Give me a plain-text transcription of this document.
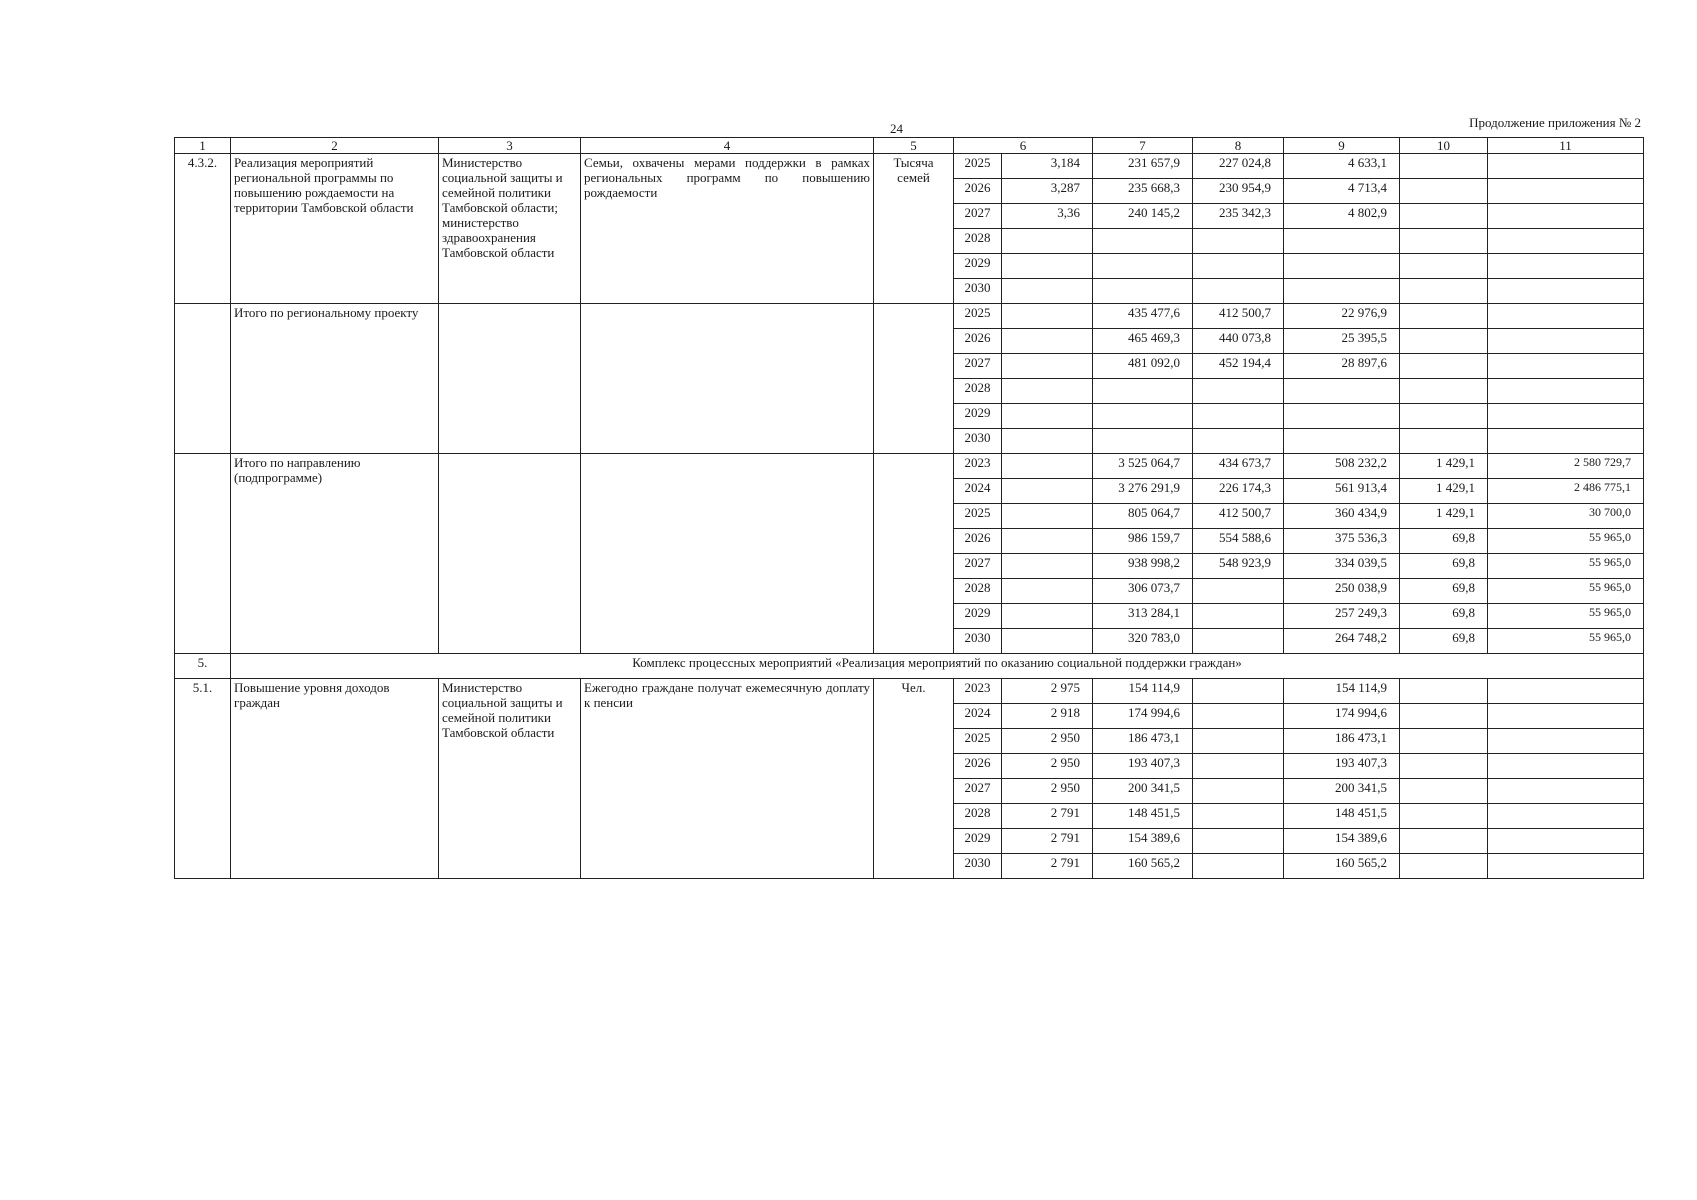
24	Продолжение приложения № 2
1	2	3	4	5	6		7	8	9	10	11
4.3.2.	Реализация мероприятий региональной программы по повышению рождаемости на территории Тамбовской области	Министерство социальной защиты и семейной политики Тамбовской области; министерство здравоохранения Тамбовской области	Семьи, охвачены мерами поддержки в рамках региональных программ по повышению рождаемости	Тысяча семей	2025	3,184	231 657,9	227 024,8	4 633,1		
					2026	3,287	235 668,3	230 954,9	4 713,4		
					2027	3,36	240 145,2	235 342,3	4 802,9		
					2028						
					2029						
					2030						
	Итого по региональному проекту				2025		435 477,6	412 500,7	22 976,9		
					2026		465 469,3	440 073,8	25 395,5		
					2027		481 092,0	452 194,4	28 897,6		
					2028						
					2029						
					2030						
	Итого по направлению (подпрограмме)				2023		3 525 064,7	434 673,7	508 232,2	1 429,1	2 580 729,7
					2024		3 276 291,9	226 174,3	561 913,4	1 429,1	2 486 775,1
					2025		805 064,7	412 500,7	360 434,9	1 429,1	30 700,0
					2026		986 159,7	554 588,6	375 536,3	69,8	55 965,0
					2027		938 998,2	548 923,9	334 039,5	69,8	55 965,0
					2028		306 073,7		250 038,9	69,8	55 965,0
					2029		313 284,1		257 249,3	69,8	55 965,0
					2030		320 783,0		264 748,2	69,8	55 965,0
5.	Комплекс процессных мероприятий «Реализация мероприятий по оказанию социальной поддержки граждан»										
5.1.	Повышение уровня доходов граждан	Министерство социальной защиты и семейной политики Тамбовской области	Ежегодно граждане получат ежемесячную доплату к пенсии	Чел.	2023	2 975	154 114,9		154 114,9		
					2024	2 918	174 994,6		174 994,6		
					2025	2 950	186 473,1		186 473,1		
					2026	2 950	193 407,3		193 407,3		
					2027	2 950	200 341,5		200 341,5		
					2028	2 791	148 451,5		148 451,5		
					2029	2 791	154 389,6		154 389,6		
					2030	2 791	160 565,2		160 565,2		
